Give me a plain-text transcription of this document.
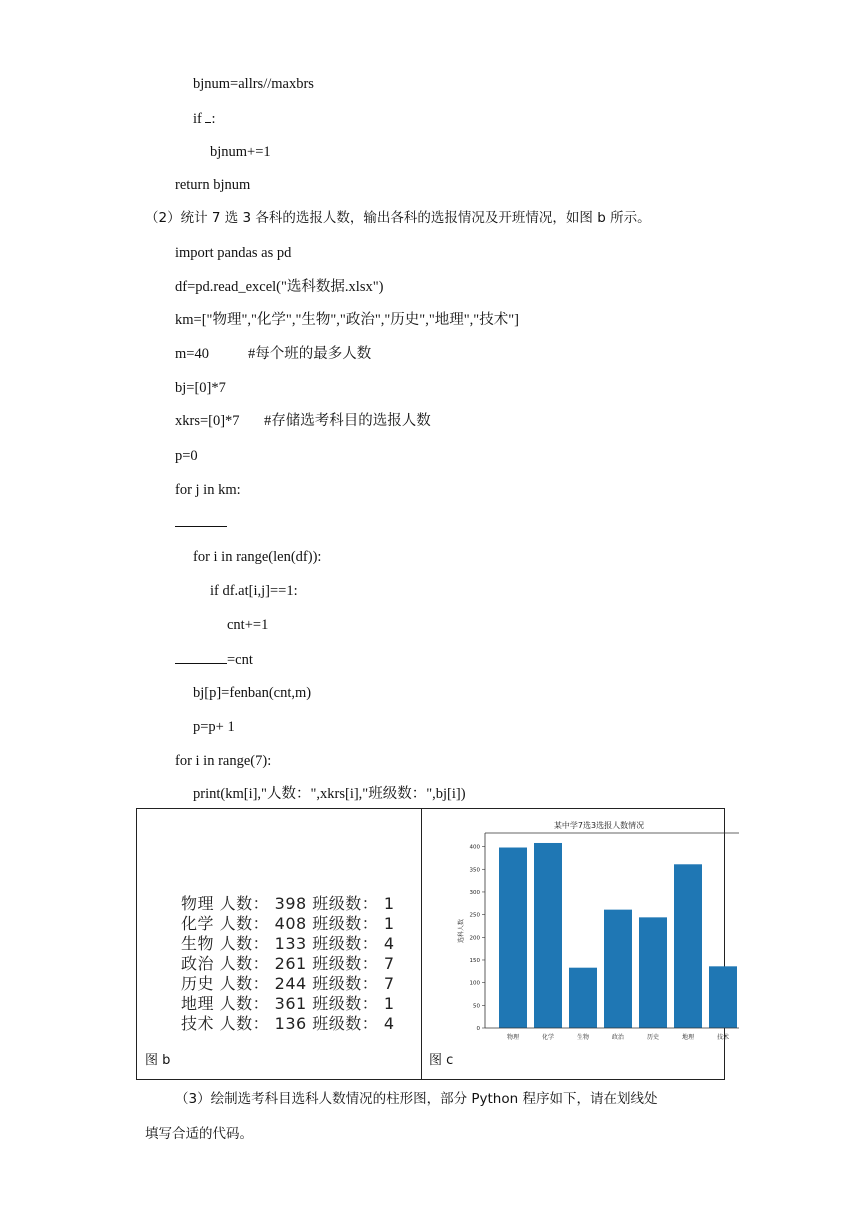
bjnum=allrs//maxbrs
if :
bjnum+=1
return bjnum
（2）统计 7 选 3 各科的选报人数，输出各科的选报情况及开班情况，如图 b 所示。
import pandas as pd
df=pd.read_excel("选科数据.xlsx")
km=["物理","化学","生物","政治","历史","地理","技术"]
m=40	#每个班的最多人数
bj=[0]*7
xkrs=[0]*7 #存储选考科目的选报人数
p=0
for j in km:
for i in range(len(df)):
if df.at[i,j]==1:
cnt+=1
=cnt
bj[p]=fenban(cnt,m)
p=p+ 1
for i in range(7):
print(km[i],"人数：",xkrs[i],"班级数：",bj[i])
物理 人数： 398 班级数： 1
化学 人数： 408 班级数： 1
生物 人数： 133 班级数： 4
政治 人数： 261 班级数： 7
历史 人数： 244 班级数： 7
地理 人数： 361 班级数： 1
技术 人数： 136 班级数： 4
图 b
某中学7选3选报人数情况
物理	化学	生物	政治	历史	地理	技术
0
50
100
150
200
250
300
350
400
选科人数
图 c
（3）绘制选考科目选科人数情况的柱形图，部分 Python 程序如下，请在划线处
填写合适的代码。
